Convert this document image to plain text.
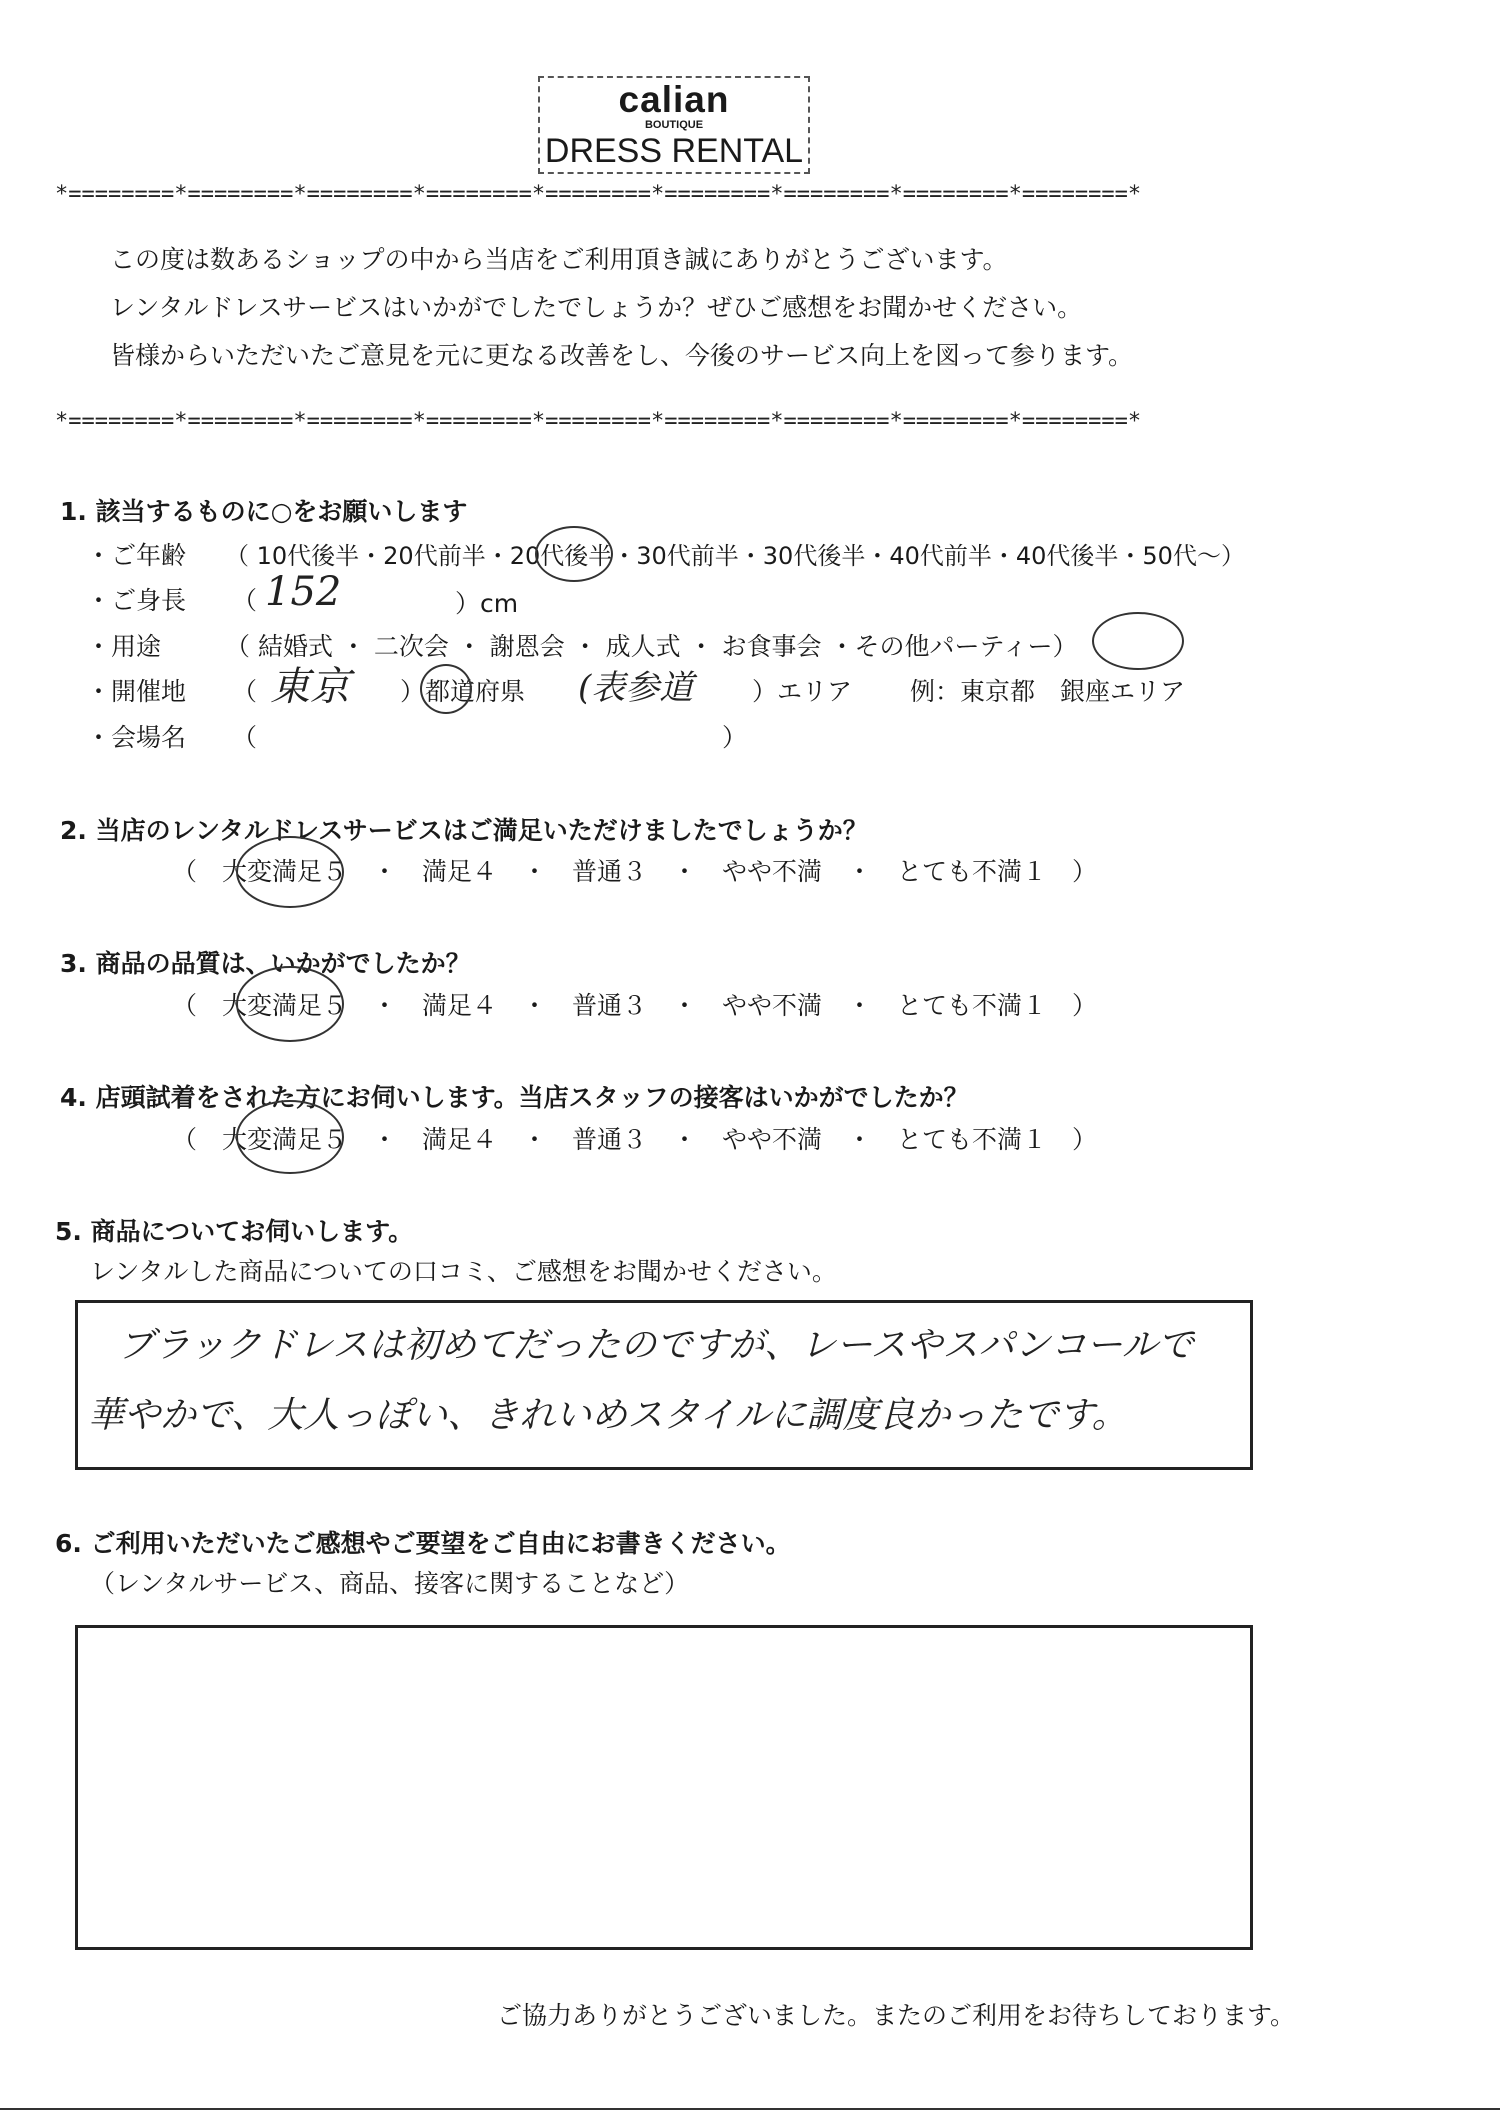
calian
BOUTIQUE
DRESS RENTAL
*========*========*========*========*========*========*========*========*========*
この度は数あるショップの中から当店をご利用頂き誠にありがとうございます。
レンタルドレスサービスはいかがでしたでしょうか？ぜひご感想をお聞かせください。
皆様からいただいたご意見を元に更なる改善をし、今後のサービス向上を図って参ります。
*========*========*========*========*========*========*========*========*========*
1. 該当するものに○をお願いします
・ご年齢 （ 10代後半・20代前半・20代後半・30代前半・30代後半・40代前半・40代後半・50代〜）
・ご身長 （ 152	）cm
・用途	（ 結婚式 ・ 二次会 ・ 謝恩会 ・ 成人式 ・ お食事会 ・その他パーティー）
・開催地 （ 東京 ）都道府県 (表参道 ）エリア 例：東京都　銀座エリア
・会場名 （	）
2. 当店のレンタルドレスサービスはご満足いただけましたでしょうか？
（　大変満足５　・　満足４　・　普通３　・　やや不満　・　とても不満１　）
3. 商品の品質は、いかがでしたか？
（　大変満足５　・　満足４　・　普通３　・　やや不満　・　とても不満１　）
4. 店頭試着をされた方にお伺いします。当店スタッフの接客はいかがでしたか？
（　大変満足５　・　満足４　・　普通３　・　やや不満　・　とても不満１　）
5. 商品についてお伺いします。
レンタルした商品についての口コミ、ご感想をお聞かせください。
ブラックドレスは初めてだったのですが、レースやスパンコールで
華やかで、大人っぽい、きれいめスタイルに調度良かったです。
6. ご利用いただいたご感想やご要望をご自由にお書きください。
（レンタルサービス、商品、接客に関することなど）
ご協力ありがとうございました。またのご利用をお待ちしております。
